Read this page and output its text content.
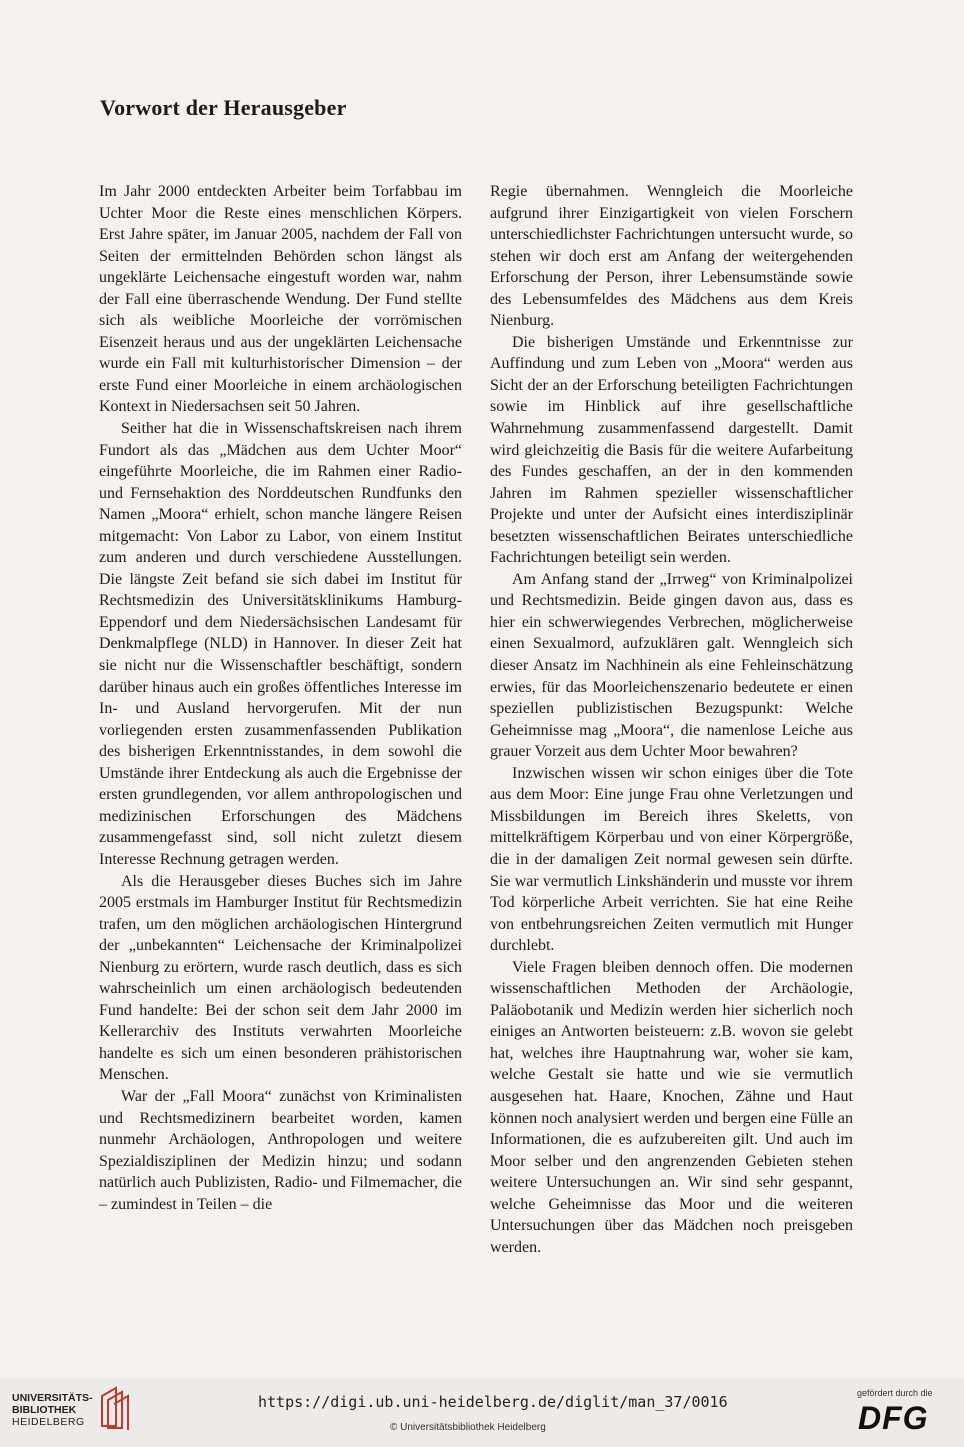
Vorwort der Herausgeber

Im Jahr 2000 entdeckten Arbeiter beim Torfabbau im Uchter Moor die Reste eines menschlichen Körpers. Erst Jahre später, im Januar 2005, nachdem der Fall von Seiten der ermittelnden Behörden schon längst als ungeklärte Leichensache eingestuft worden war, nahm der Fall eine überraschende Wendung. Der Fund stellte sich als weibliche Moorleiche der vorrömischen Eisenzeit heraus und aus der ungeklärten Leichensache wurde ein Fall mit kulturhistorischer Dimension – der erste Fund einer Moorleiche in einem archäologischen Kontext in Niedersachsen seit 50 Jahren.

Seither hat die in Wissenschaftskreisen nach ihrem Fundort als das „Mädchen aus dem Uchter Moor“ eingeführte Moorleiche, die im Rahmen einer Radio- und Fernsehaktion des Norddeutschen Rundfunks den Namen „Moora“ erhielt, schon manche längere Reisen mitgemacht: Von Labor zu Labor, von einem Institut zum anderen und durch verschiedene Ausstellungen. Die längste Zeit befand sie sich dabei im Institut für Rechtsmedizin des Universitätsklinikums Hamburg-Eppendorf und dem Niedersächsischen Landesamt für Denkmalpflege (NLD) in Hannover. In dieser Zeit hat sie nicht nur die Wissenschaftler beschäftigt, sondern darüber hinaus auch ein großes öffentliches Interesse im In- und Ausland hervorgerufen. Mit der nun vorliegenden ersten zusammenfassenden Publikation des bisherigen Erkenntnisstandes, in dem sowohl die Umstände ihrer Entdeckung als auch die Ergebnisse der ersten grundlegenden, vor allem anthropologischen und medizinischen Erforschungen des Mädchens zusammengefasst sind, soll nicht zuletzt diesem Interesse Rechnung getragen werden.

Als die Herausgeber dieses Buches sich im Jahre 2005 erstmals im Hamburger Institut für Rechtsmedizin trafen, um den möglichen archäologischen Hintergrund der „unbekannten“ Leichensache der Kriminalpolizei Nienburg zu erörtern, wurde rasch deutlich, dass es sich wahrscheinlich um einen archäologisch bedeutenden Fund handelte: Bei der schon seit dem Jahr 2000 im Kellerarchiv des Instituts verwahrten Moorleiche handelte es sich um einen besonderen prähistorischen Menschen.

War der „Fall Moora“ zunächst von Kriminalisten und Rechtsmedizinern bearbeitet worden, kamen nunmehr Archäologen, Anthropologen und weitere Spezialdisziplinen der Medizin hinzu; und sodann natürlich auch Publizisten, Radio- und Filmemacher, die – zumindest in Teilen – die

Regie übernahmen. Wenngleich die Moorleiche aufgrund ihrer Einzigartigkeit von vielen Forschern unterschiedlichster Fachrichtungen untersucht wurde, so stehen wir doch erst am Anfang der weitergehenden Erforschung der Person, ihrer Lebensumstände sowie des Lebensumfeldes des Mädchens aus dem Kreis Nienburg.

Die bisherigen Umstände und Erkenntnisse zur Auffindung und zum Leben von „Moora“ werden aus Sicht der an der Erforschung beteiligten Fachrichtungen sowie im Hinblick auf ihre gesellschaftliche Wahrnehmung zusammenfassend dargestellt. Damit wird gleichzeitig die Basis für die weitere Aufarbeitung des Fundes geschaffen, an der in den kommenden Jahren im Rahmen spezieller wissenschaftlicher Projekte und unter der Aufsicht eines interdisziplinär besetzten wissenschaftlichen Beirates unterschiedliche Fachrichtungen beteiligt sein werden.

Am Anfang stand der „Irrweg“ von Kriminalpolizei und Rechtsmedizin. Beide gingen davon aus, dass es hier ein schwerwiegendes Verbrechen, möglicherweise einen Sexualmord, aufzuklären galt. Wenngleich sich dieser Ansatz im Nachhinein als eine Fehleinschätzung erwies, für das Moorleichenszenario bedeutete er einen speziellen publizistischen Bezugspunkt: Welche Geheimnisse mag „Moora“, die namenlose Leiche aus grauer Vorzeit aus dem Uchter Moor bewahren?

Inzwischen wissen wir schon einiges über die Tote aus dem Moor: Eine junge Frau ohne Verletzungen und Missbildungen im Bereich ihres Skeletts, von mittelkräftigem Körperbau und von einer Körpergröße, die in der damaligen Zeit normal gewesen sein dürfte. Sie war vermutlich Linkshänderin und musste vor ihrem Tod körperliche Arbeit verrichten. Sie hat eine Reihe von entbehrungsreichen Zeiten vermutlich mit Hunger durchlebt.

Viele Fragen bleiben dennoch offen. Die modernen wissenschaftlichen Methoden der Archäologie, Paläobotanik und Medizin werden hier sicherlich noch einiges an Antworten beisteuern: z.B. wovon sie gelebt hat, welches ihre Hauptnahrung war, woher sie kam, welche Gestalt sie hatte und wie sie vermutlich ausgesehen hat. Haare, Knochen, Zähne und Haut können noch analysiert werden und bergen eine Fülle an Informationen, die es aufzubereiten gilt. Und auch im Moor selber und den angrenzenden Gebieten stehen weitere Untersuchungen an. Wir sind sehr gespannt, welche Geheimnisse das Moor und die weiteren Untersuchungen über das Mädchen noch preisgeben werden.

UNIVERSITÄTS-
BIBLIOTHEK
HEIDELBERG
https://digi.ub.uni-heidelberg.de/diglit/man_37/0016
© Universitätsbibliothek Heidelberg
gefördert durch die
DFG
